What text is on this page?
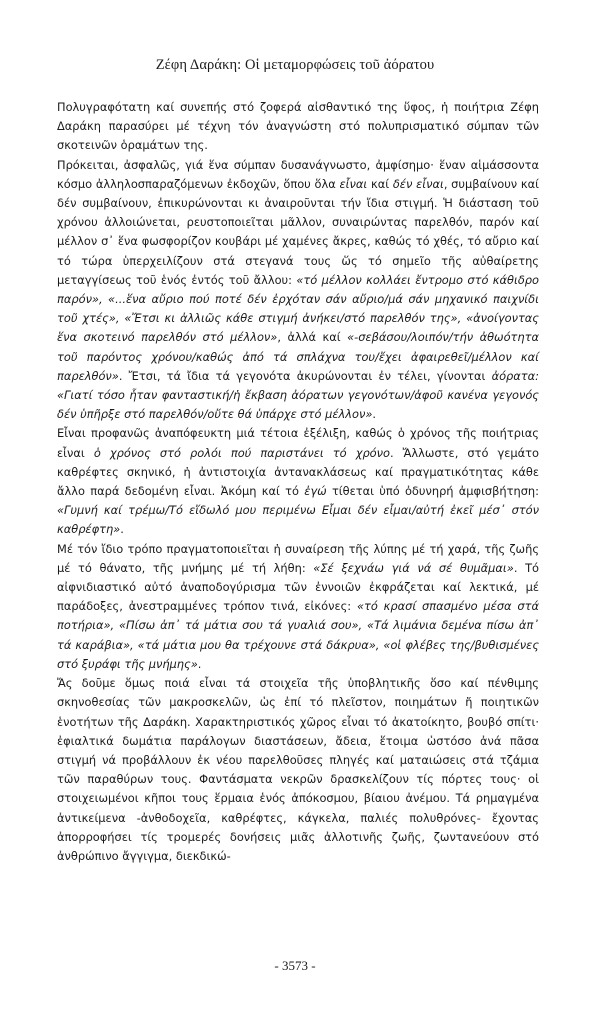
Ζέφη Δαράκη: Οἱ μεταμορφώσεις τοῦ ἀόρατου

Πολυγραφότατη καί συνεπής στό ζοφερά αἰσθαντικό της ὕφος, ἡ ποιήτρια Ζέφη Δαράκη παρασύρει μέ τέχνη τόν ἀναγνώστη στό πολυπρισματικό σύμπαν τῶν σκοτεινῶν ὁραμάτων της.

Πρόκειται, ἀσφαλῶς, γιά ἕνα σύμπαν δυσανάγνωστο, ἀμφίσημο· ἕναν αἱμάσσοντα κόσμο ἀλληλοσπαραζόμενων ἐκδοχῶν, ὅπου ὅλα εἶναι καί δέν εἶναι, συμβαίνουν καί δέν συμβαίνουν, ἐπικυρώνονται κι ἀναιροῦνται τήν ἴδια στιγμή. Ἡ διάσταση τοῦ χρόνου ἀλλοιώνεται, ρευστοποιεῖται μᾶλλον, συναιρώντας παρελθόν, παρόν καί μέλλον σ᾽ ἕνα φωσφορίζον κουβάρι μέ χαμένες ἄκρες, καθώς τό χθές, τό αὔριο καί τό τώρα ὑπερχειλίζουν στά στεγανά τους ὥς τό σημεῖο τῆς αὐθαίρετης μεταγγίσεως τοῦ ἑνός ἐντός τοῦ ἄλλου: «τό μέλλον κολλάει ἔντρομο στό κάθιδρο παρόν», «...ἕνα αὔριο πού ποτέ δέν ἐρχόταν σάν αὔριο/μά σάν μηχανικό παιχνίδι τοῦ χτές», «Ἔτσι κι ἀλλιῶς κάθε στιγμή ἀνήκει/στό παρελθόν της», «ἀνοίγοντας ἕνα σκοτεινό παρελθόν στό μέλλον», ἀλλά καί «-σεβάσου/λοιπόν/τήν ἀθωότητα τοῦ παρόντος χρόνου/καθώς ἀπό τά σπλάχνα του/ἔχει ἀφαιρεθεῖ/μέλλον καί παρελθόν». Ἔτσι, τά ἴδια τά γεγονότα ἀκυρώνονται ἐν τέλει, γίνονται ἀόρατα: «Γιατί τόσο ἦταν φανταστική/ἡ ἔκβαση ἀόρατων γεγονότων/ἀφοῦ κανένα γεγονός δέν ὑπῆρξε στό παρελθόν/οὔτε θά ὑπάρχε στό μέλλον».

Εἶναι προφανῶς ἀναπόφευκτη μιά τέτοια ἐξέλιξη, καθώς ὁ χρόνος τῆς ποιήτριας εἶναι ὁ χρόνος στό ρολόι πού παριστάνει τό χρόνο. Ἄλλωστε, στό γεμάτο καθρέφτες σκηνικό, ἡ ἀντιστοιχία ἀντανακλάσεως καί πραγματικότητας κάθε ἄλλο παρά δεδομένη εἶναι. Ἀκόμη καί τό ἐγώ τίθεται ὑπό ὀδυνηρή ἀμφισβήτηση: «Γυμνή καί τρέμω/Τό εἴδωλό μου περιμένω Εἶμαι δέν εἶμαι/αὐτή ἐκεῖ μέσ᾽ στόν καθρέφτη».

Μέ τόν ἴδιο τρόπο πραγματοποιεῖται ἡ συναίρεση τῆς λύπης μέ τή χαρά, τῆς ζωῆς μέ τό θάνατο, τῆς μνήμης μέ τή λήθη: «Σέ ξεχνάω γιά νά σέ θυμᾶμαι». Τό αἰφνιδιαστικό αὐτό ἀναποδογύρισμα τῶν ἐννοιῶν ἐκφράζεται καί λεκτικά, μέ παράδοξες, ἀνεστραμμένες τρόπον τινά, εἰκόνες: «τό κρασί σπασμένο μέσα στά ποτήρια», «Πίσω ἀπ᾽ τά μάτια σου τά γυαλιά σου», «Τά λιμάνια δεμένα πίσω ἀπ᾽ τά καράβια», «τά μάτια μου θα τρέχουνε στά δάκρυα», «οἱ φλέβες της/βυθισμένες στό ξυράφι τῆς μνήμης».

Ἄς δοῦμε ὅμως ποιά εἶναι τά στοιχεῖα τῆς ὑποβλητικῆς ὅσο καί πένθιμης σκηνοθεσίας τῶν μακροσκελῶν, ὡς ἐπί τό πλεῖστον, ποιημάτων ἤ ποιητικῶν ἑνοτήτων τῆς Δαράκη. Χαρακτηριστικός χῶρος εἶναι τό ἀκατοίκητο, βουβό σπίτι· ἐφιαλτικά δωμάτια παράλογων διαστάσεων, ἄδεια, ἕτοιμα ὡστόσο ἀνά πᾶσα στιγμή νά προβάλλουν ἐκ νέου παρελθοῦσες πληγές καί ματαιώσεις στά τζάμια τῶν παραθύρων τους. Φαντάσματα νεκρῶν δρασκελίζουν τίς πόρτες τους· οἱ στοιχειωμένοι κῆποι τους ἕρμαια ἑνός ἀπόκοσμου, βίαιου ἀνέμου. Τά ρημαγμένα ἀντικείμενα -ἀνθοδοχεῖα, καθρέφτες, κάγκελα, παλιές πολυθρόνες- ἔχοντας ἀπορροφήσει τίς τρομερές δονήσεις μιᾶς ἀλλοτινῆς ζωῆς, ζωντανεύουν στό ἀνθρώπινο ἄγγιγμα, διεκδικώ-

- 3573 -
